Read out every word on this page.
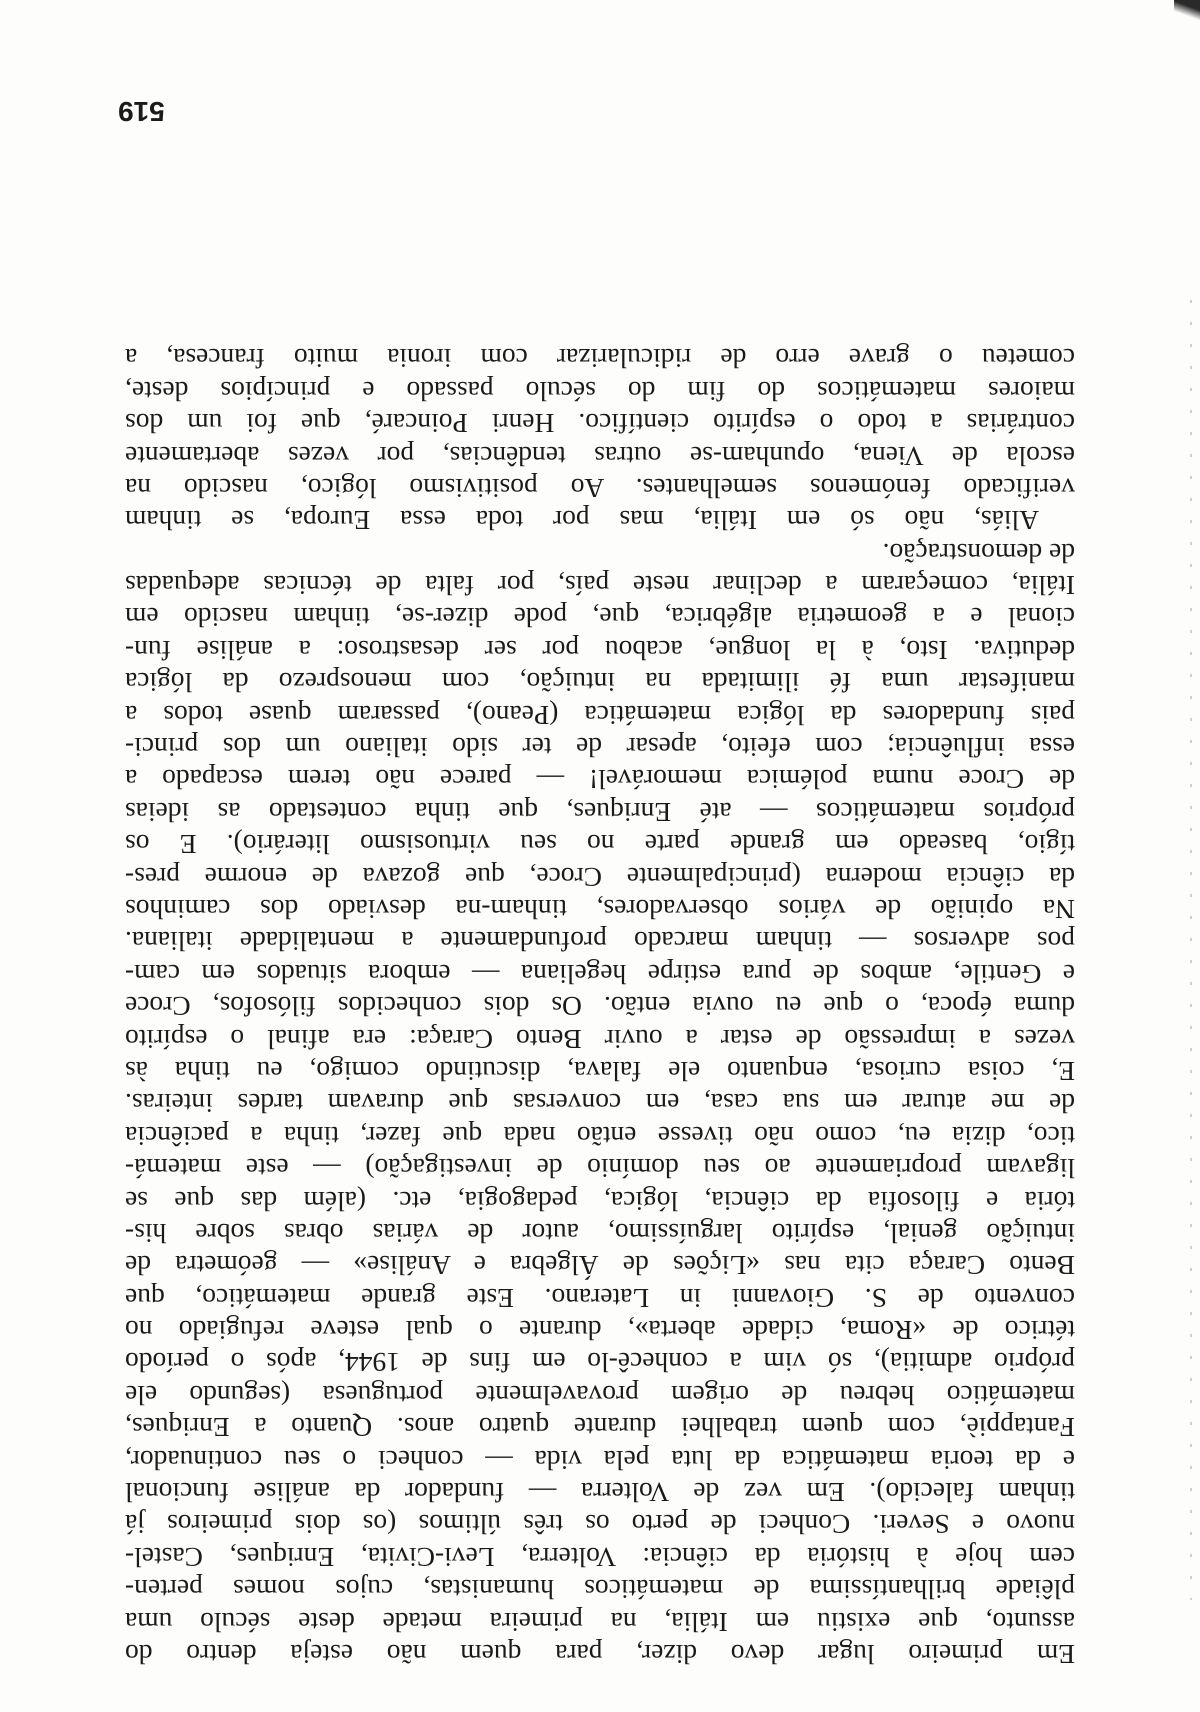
Em primeiro lugar devo dizer, para quem não esteja dentro do
assunto, que existiu em Itália, na primeira metade deste século uma
plêiade brilhantíssima de matemáticos humanistas, cujos nomes perten-
cem hoje à história da ciência: Volterra, Levi-Civita, Enriques, Castel-
nuovo e Severi. Conheci de perto os três últimos (os dois primeiros já
tinham falecido). Em vez de Volterra — fundador da análise funcional
e da teoria matemática da luta pela vida — conheci o seu continuador,
Fantappiè, com quem trabalhei durante quatro anos. Quanto a Enriques,
matemático hebreu de origem provavelmente portuguesa (segundo ele
próprio admitia), só vim a conhecê-lo em fins de 1944, após o período
tétrico de «Roma, cidade aberta», durante o qual esteve refugiado no
convento de S. Giovanni in Laterano. Este grande matemático, que
Bento Caraça cita nas «Lições de Álgebra e Análise» — geómetra de
intuição genial, espírito larguíssimo, autor de várias obras sobre his-
tória e filosofia da ciência, lógica, pedagogia, etc. (além das que se
ligavam propriamente ao seu domínio de investigação) — este matemá-
tico, dizia eu, como não tivesse então nada que fazer, tinha a paciência
de me aturar em sua casa, em conversas que duravam tardes inteiras.
E, coisa curiosa, enquanto ele falava, discutindo comigo, eu tinha às
vezes a impressão de estar a ouvir Bento Caraça: era afinal o espírito
duma época, o que eu ouvia então. Os dois conhecidos filósofos, Croce
e Gentile, ambos de pura estirpe hegeliana — embora situados em cam-
pos adversos — tinham marcado profundamente a mentalidade italiana.
Na opinião de vários observadores, tinham-na desviado dos caminhos
da ciência moderna (principalmente Croce, que gozava de enorme pres-
tígio, baseado em grande parte no seu virtuosismo literário). E os
próprios matemáticos — até Enriques, que tinha contestado as ideias
de Croce numa polémica memorável! — parece não terem escapado a
essa influência; com efeito, apesar de ter sido italiano um dos princi-
pais fundadores da lógica matemática (Peano), passaram quase todos a
manifestar uma fé ilimitada na intuição, com menosprezo da lógica
dedutiva. Isto, à la longue, acabou por ser desastroso: a análise fun-
cional e a geometria algébrica, que, pode dizer-se, tinham nascido em
Itália, começaram a declinar neste país, por falta de técnicas adequadas
de demonstração.
Aliás, não só em Itália, mas por toda essa Europa, se tinham
verificado fenómenos semelhantes. Ao positivismo lógico, nascido na
escola de Viena, opunham-se outras tendências, por vezes abertamente
contrárias a todo o espírito científico. Henri Poincaré, que foi um dos
maiores matemáticos do fim do século passado e princípios deste,
cometeu o grave erro de ridicularizar com ironia muito francesa, a
519
